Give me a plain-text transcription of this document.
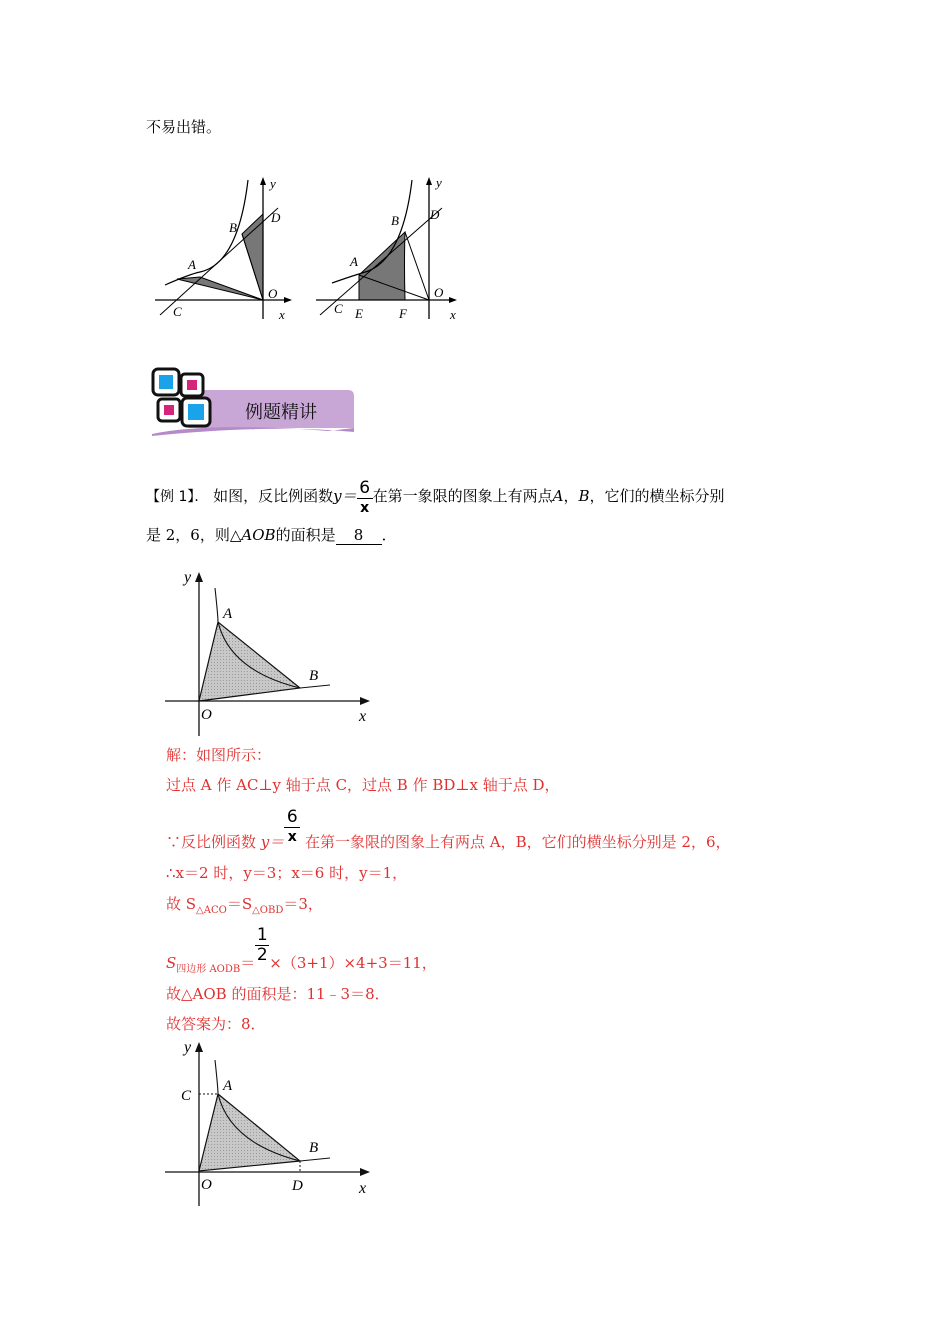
不易出错。
y
D
B
A
O
C	x
y
D
B
A
O
C E	F	x
例题精讲
【例 1】． 如图，反比例函数$y= \frac{6}{x}$ 在第一象限的图象上有两点A，B，它们的横坐标分别
是 2，6，则△AOB的面积是 8 ．
y
A
B
O	x
解：如图所示：
过点 A 作 AC⊥y 轴于点 C，过点 B 作 BD⊥x 轴于点 D，
∵反比例函数 $y= \frac{6}{x}$ 在第一象限的图象上有两点 A，B，它们的横坐标分别是 2，6，
∴x＝2 时，y＝3；x＝6 时，y＝1，
故 $S_{\triangle ACO}=S_{\triangle OBD}=3$，
$S_{四边形 AODB}= \frac{1}{2} \times(3+1)\times 4+3=11$，
故△AOB 的面积是：11﹣3＝8．
故答案为：8．
y
C
A
B
O	D	x
